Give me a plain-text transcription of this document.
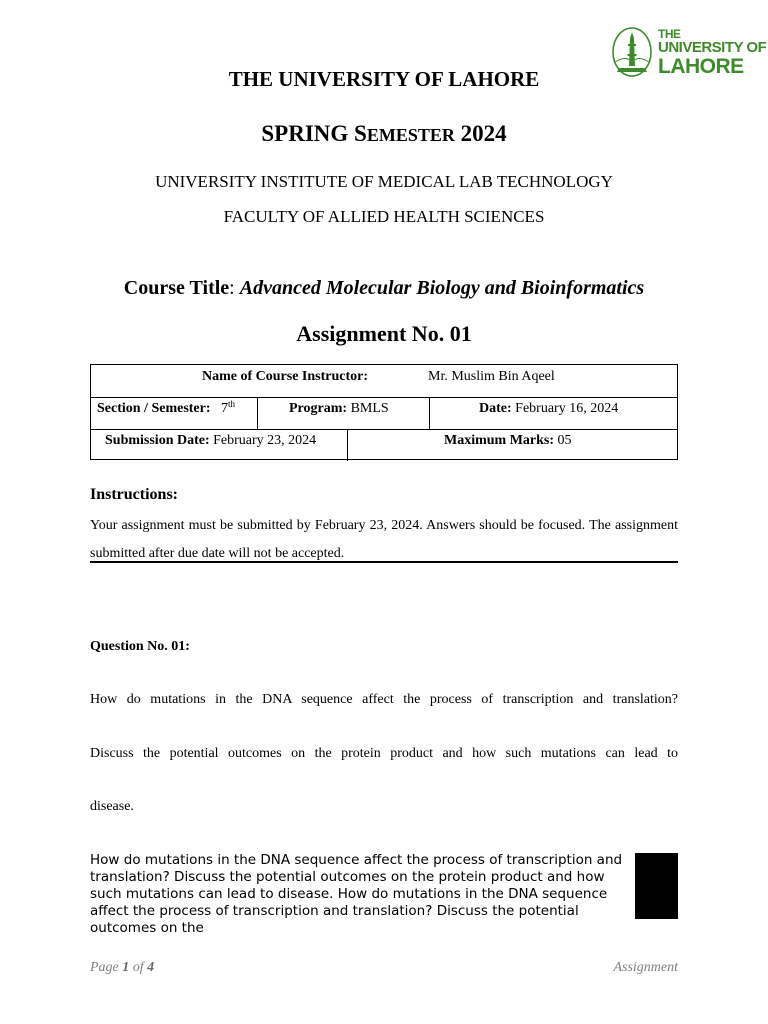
THE
UNIVERSITY OF
LAHORE
THE UNIVERSITY OF LAHORE
SPRING SEMESTER 2024
UNIVERSITY INSTITUTE OF MEDICAL LAB TECHNOLOGY
FACULTY OF ALLIED HEALTH SCIENCES
Course Title: Advanced Molecular Biology and Bioinformatics
Assignment No. 01
Name of Course Instructor:	Mr. Muslim Bin Aqeel
Section / Semester: 7th	Program: BMLS	Date: February 16, 2024
Submission Date: February 23, 2024	Maximum Marks: 05
Instructions:
Your assignment must be submitted by February 23, 2024. Answers should be focused. The assignment submitted after due date will not be accepted.
Question No. 01:
How do mutations in the DNA sequence affect the process of transcription and translation?
Discuss the potential outcomes on the protein product and how such mutations can lead to
disease.
How do mutations in the DNA sequence affect the process of transcription and translation? Discuss the potential outcomes on the protein product and how such mutations can lead to disease. How do mutations in the DNA sequence affect the process of transcription and translation? Discuss the potential outcomes on the
Page 1 of 4	Assignment
